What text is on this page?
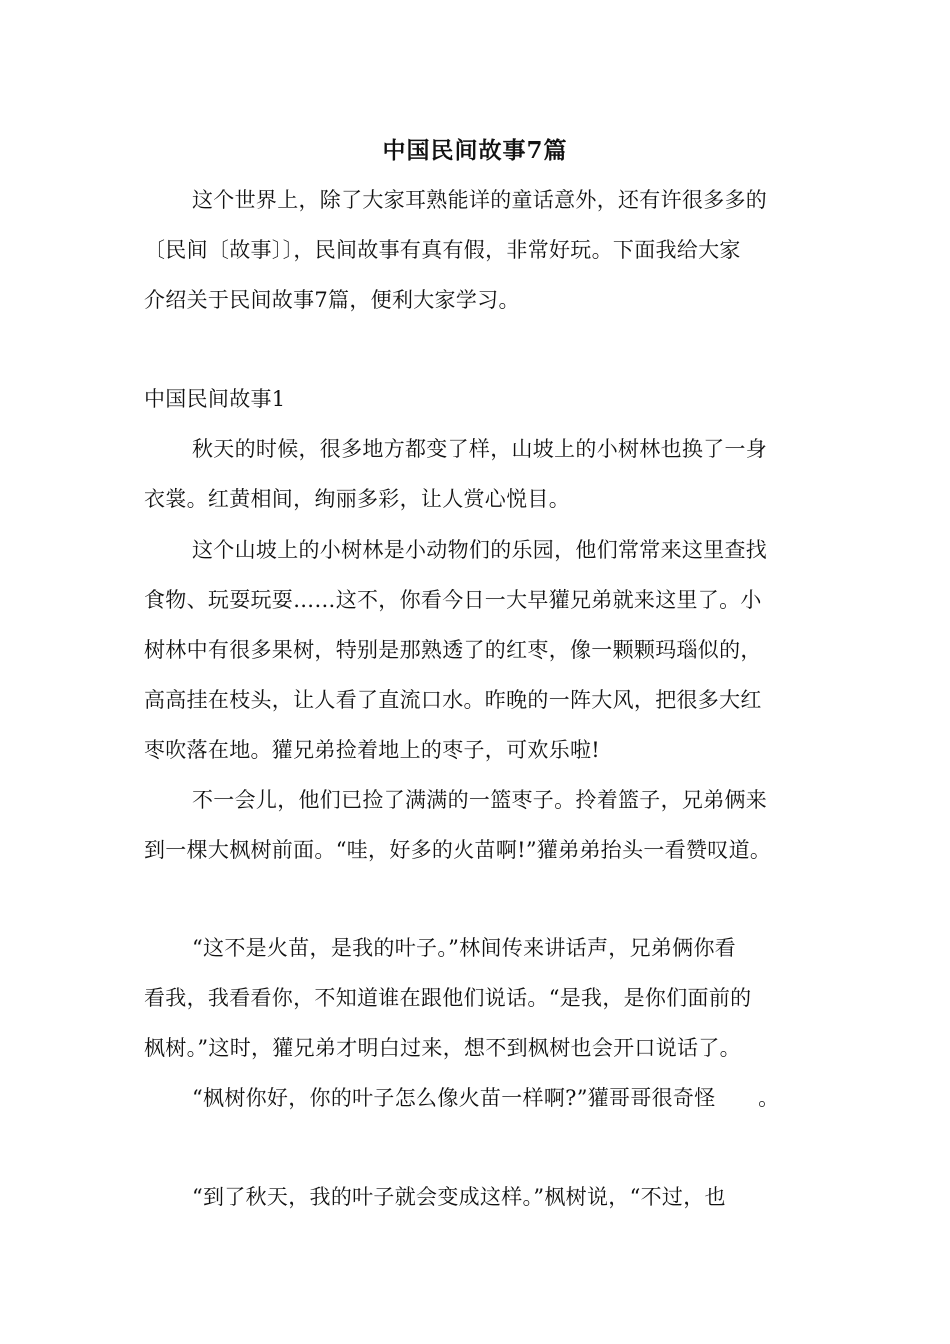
中国民间故事7篇
这个世界上，除了大家耳熟能详的童话意外，还有许很多多的
〔民间〔故事〕〕，民间故事有真有假，非常好玩。下面我给大家
介绍关于民间故事7篇，便利大家学习。
中国民间故事1
秋天的时候，很多地方都变了样，山坡上的小树林也换了一身
衣裳。红黄相间，绚丽多彩，让人赏心悦目。
这个山坡上的小树林是小动物们的乐园，他们常常来这里查找
食物、玩耍玩耍……这不，你看今日一大早獾兄弟就来这里了。小
树林中有很多果树，特别是那熟透了的红枣，像一颗颗玛瑙似的，
高高挂在枝头，让人看了直流口水。昨晚的一阵大风，把很多大红
枣吹落在地。獾兄弟捡着地上的枣子，可欢乐啦!
不一会儿，他们已捡了满满的一篮枣子。拎着篮子，兄弟俩来
到一棵大枫树前面。“哇，好多的火苗啊!”獾弟弟抬头一看赞叹道。
“这不是火苗，是我的叶子。”林间传来讲话声，兄弟俩你看
看我，我看看你，不知道谁在跟他们说话。“是我，是你们面前的
枫树。”这时，獾兄弟才明白过来，想不到枫树也会开口说话了。
“枫树你好，你的叶子怎么像火苗一样啊?”獾哥哥很奇怪　　。
“到了秋天，我的叶子就会变成这样。”枫树说，“不过，也
